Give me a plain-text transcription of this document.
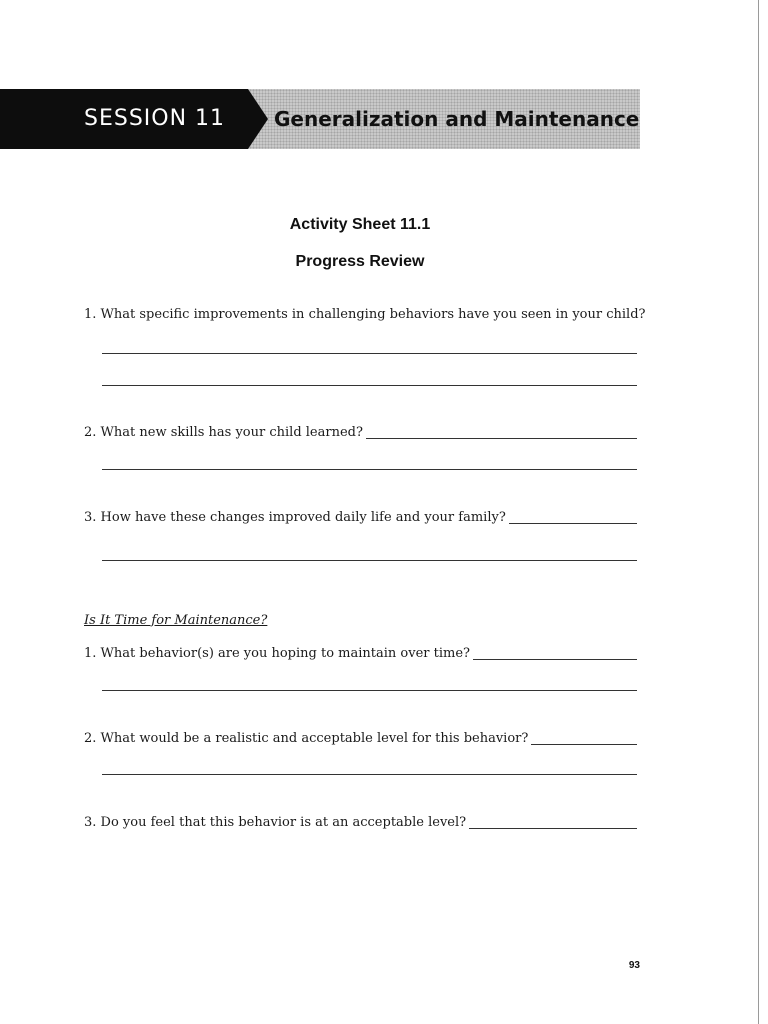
SESSION 11 Generalization and Maintenance
Activity Sheet 11.1
Progress Review
1. What specific improvements in challenging behaviors have you seen in your child?
2. What new skills has your child learned?
3. How have these changes improved daily life and your family?
Is It Time for Maintenance?
1. What behavior(s) are you hoping to maintain over time?
2. What would be a realistic and acceptable level for this behavior?
3. Do you feel that this behavior is at an acceptable level?
93
